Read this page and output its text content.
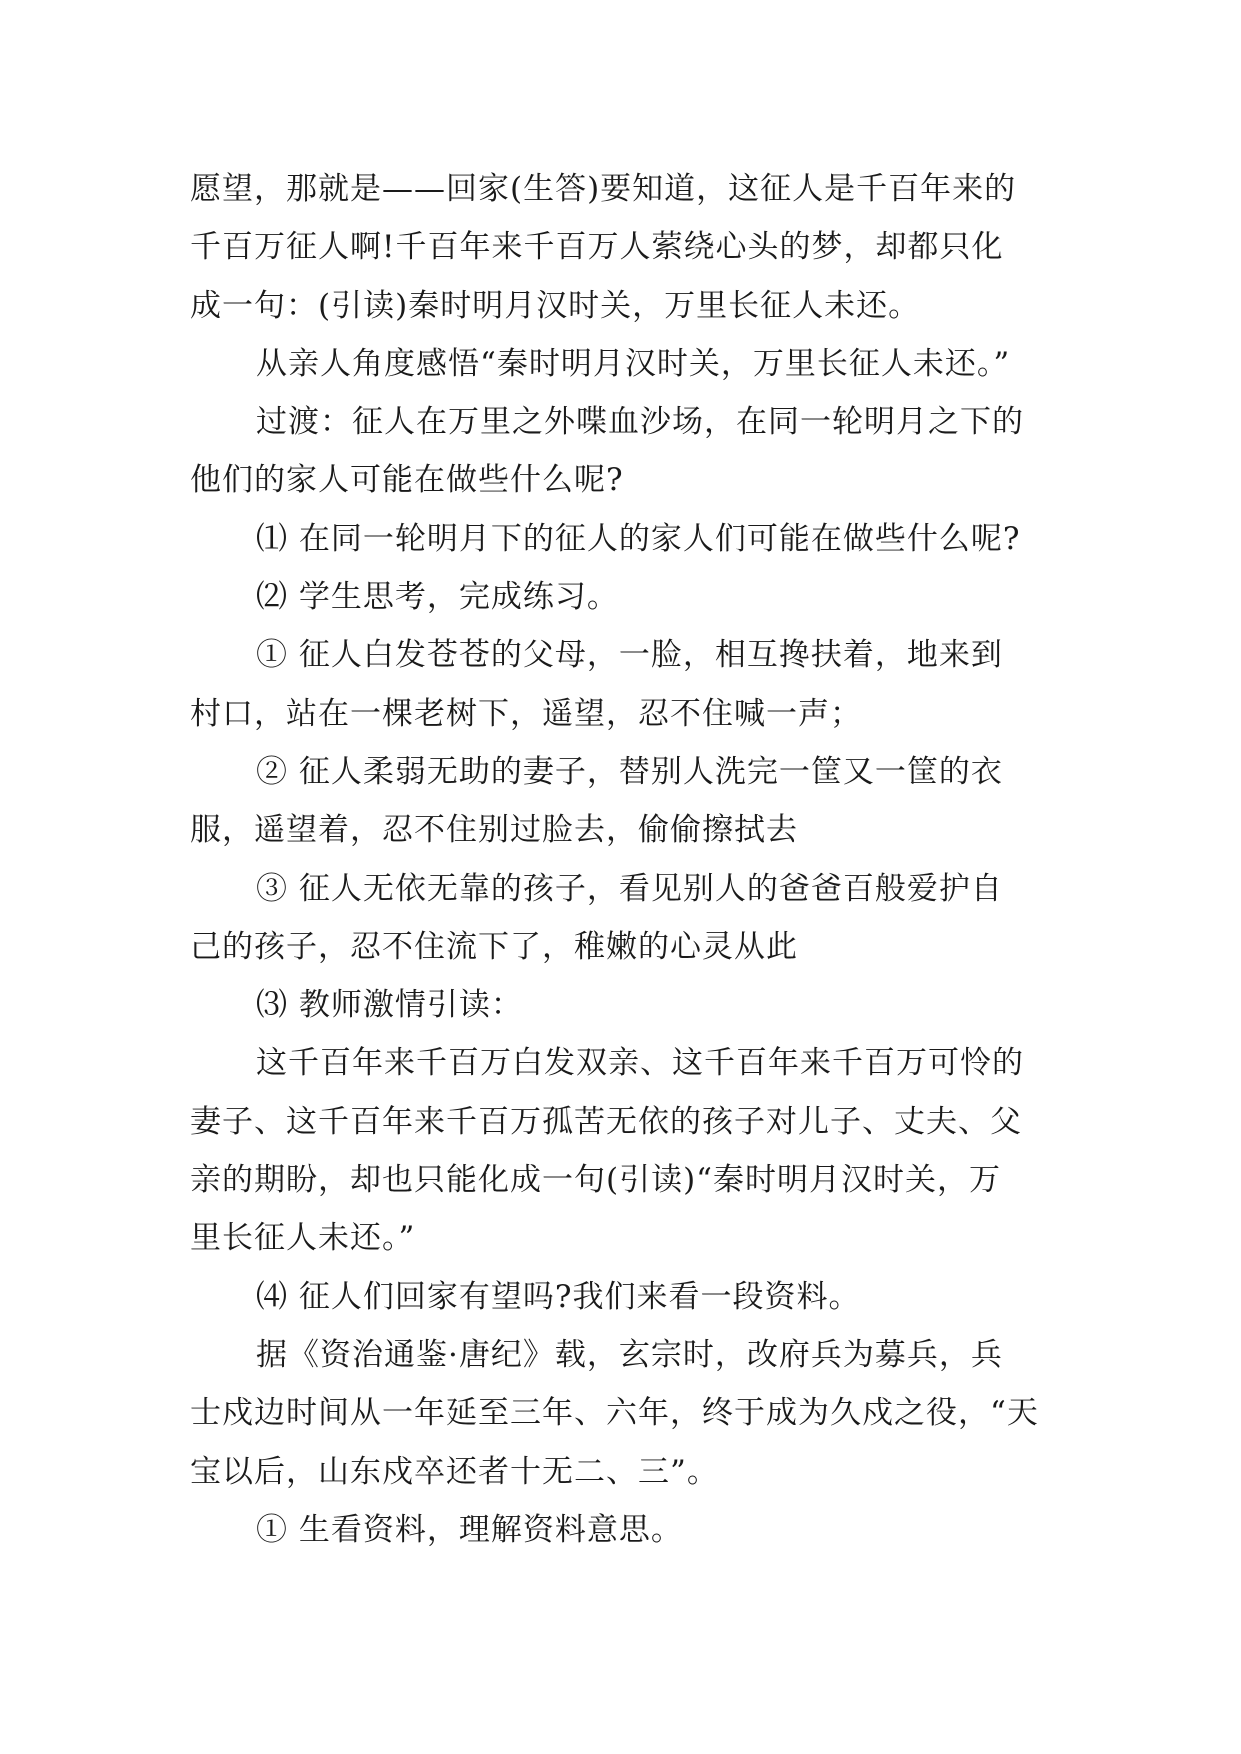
愿望，那就是——回家(生答)要知道，这征人是千百年来的
千百万征人啊!千百年来千百万人萦绕心头的梦，却都只化
成一句：(引读)秦时明月汉时关，万里长征人未还。
从亲人角度感悟“秦时明月汉时关，万里长征人未还。”
过渡：征人在万里之外喋血沙场，在同一轮明月之下的
他们的家人可能在做些什么呢?
⑴ 在同一轮明月下的征人的家人们可能在做些什么呢?
⑵ 学生思考，完成练习。
① 征人白发苍苍的父母，一脸，相互搀扶着，地来到
村口，站在一棵老树下，遥望，忍不住喊一声；
② 征人柔弱无助的妻子，替别人洗完一筐又一筐的衣
服，遥望着，忍不住别过脸去，偷偷擦拭去
③ 征人无依无靠的孩子，看见别人的爸爸百般爱护自
己的孩子，忍不住流下了，稚嫩的心灵从此
⑶ 教师激情引读：
这千百年来千百万白发双亲、这千百年来千百万可怜的
妻子、这千百年来千百万孤苦无依的孩子对儿子、丈夫、父
亲的期盼，却也只能化成一句(引读)“秦时明月汉时关，万
里长征人未还。”
⑷ 征人们回家有望吗?我们来看一段资料。
据《资治通鉴·唐纪》载，玄宗时，改府兵为募兵，兵
士戍边时间从一年延至三年、六年，终于成为久戍之役，“天
宝以后，山东戍卒还者十无二、三”。
① 生看资料，理解资料意思。
